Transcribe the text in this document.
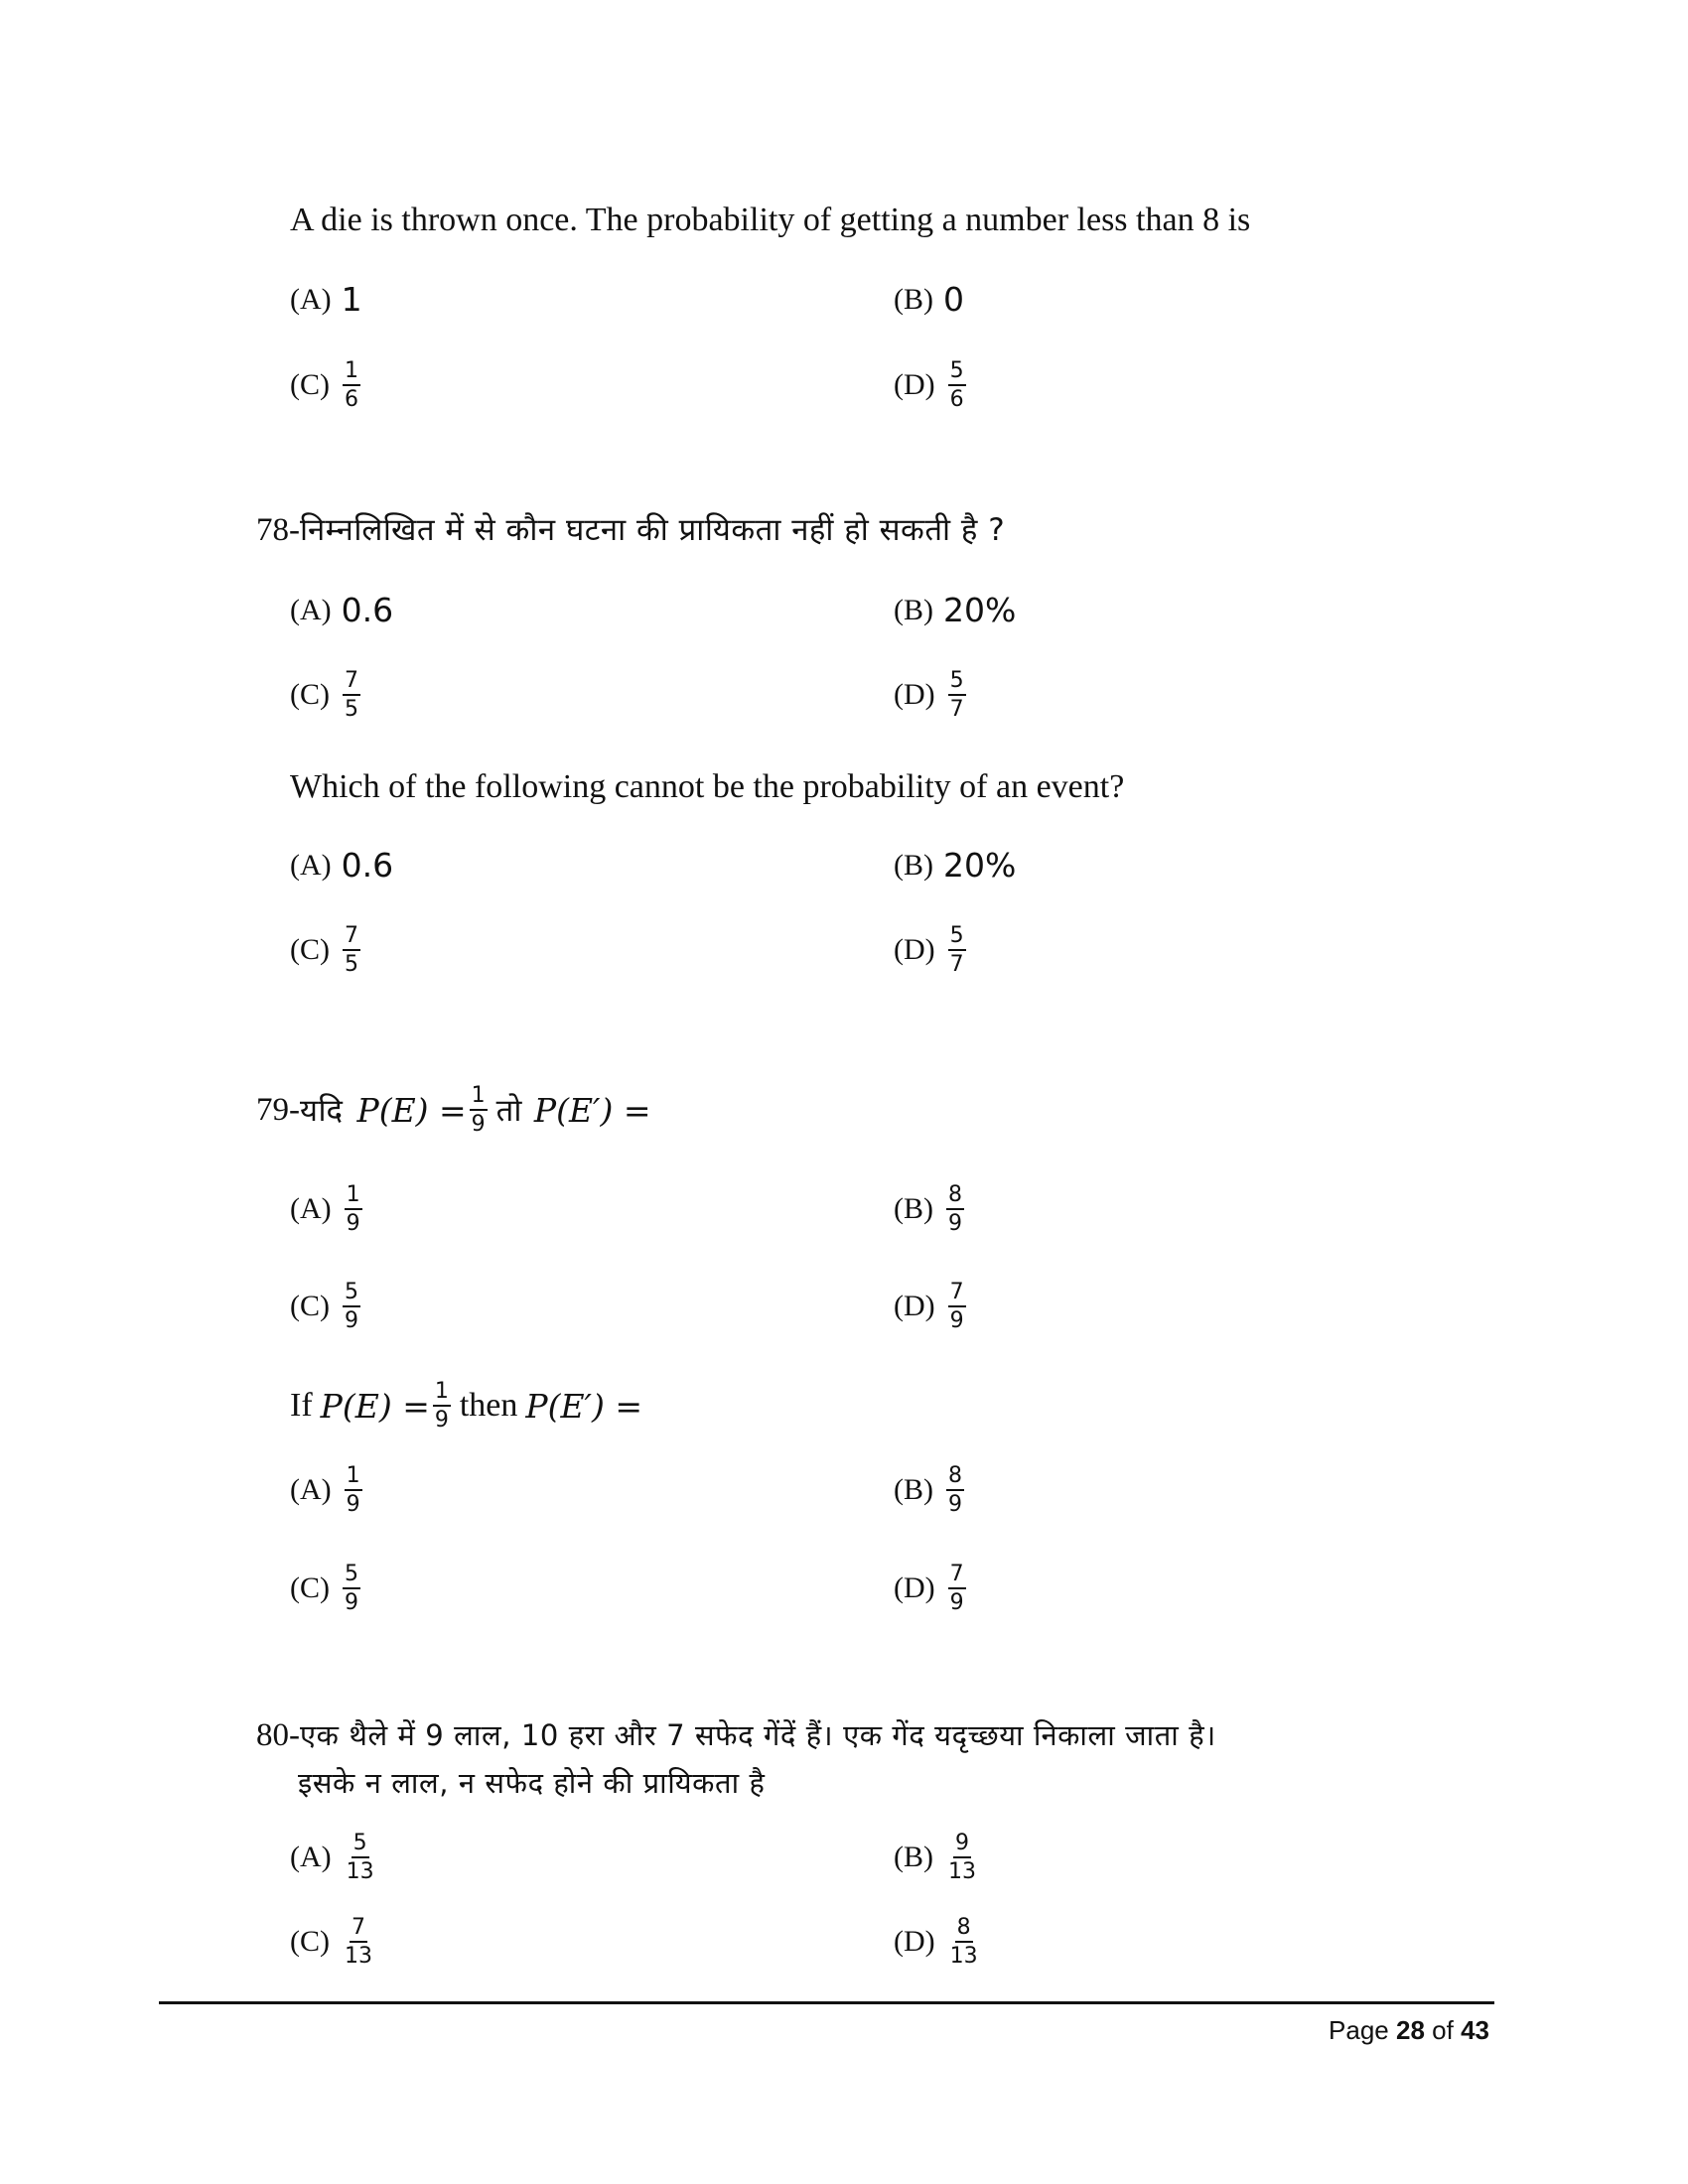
A die is thrown once. The probability of getting a number less than 8 is
(A) 1	(B) 0
$(C) \frac{1}{6}$	$(D) \frac{5}{6}$
78-निम्नलिखित में से कौन घटना की प्रायिकता नहीं हो सकती है ?
(A) 0.6	(B) 20%
$(C) \frac{7}{5}$	$(D) \frac{5}{7}$
Which of the following cannot be the probability of an event?
(A) 0.6	(B) 20%
$(C) \frac{7}{5}$	$(D) \frac{5}{7}$
79- यदि $P(E) = \frac{1}{9}$ तो P(E′) =
$(A) \frac{1}{9}$	$(B) \frac{8}{9}$
$(C) \frac{5}{9}$	$(D) \frac{7}{9}$
If $P(E) = \frac{1}{9}$ then P(E′) =
$(A) \frac{1}{9}$	$(B) \frac{8}{9}$
$(C) \frac{5}{9}$	$(D) \frac{7}{9}$
80-एक थैले में 9 लाल, 10 हरा और 7 सफेद गेंदें हैं। एक गेंद यदृच्छया निकाला जाता है।
इसके न लाल, न सफेद होने की प्रायिकता है
$(A) \frac{5}{13}$	$(B) \frac{9}{13}$
$(C) \frac{7}{13}$	$(D) \frac{8}{13}$
Page 28 of 43
